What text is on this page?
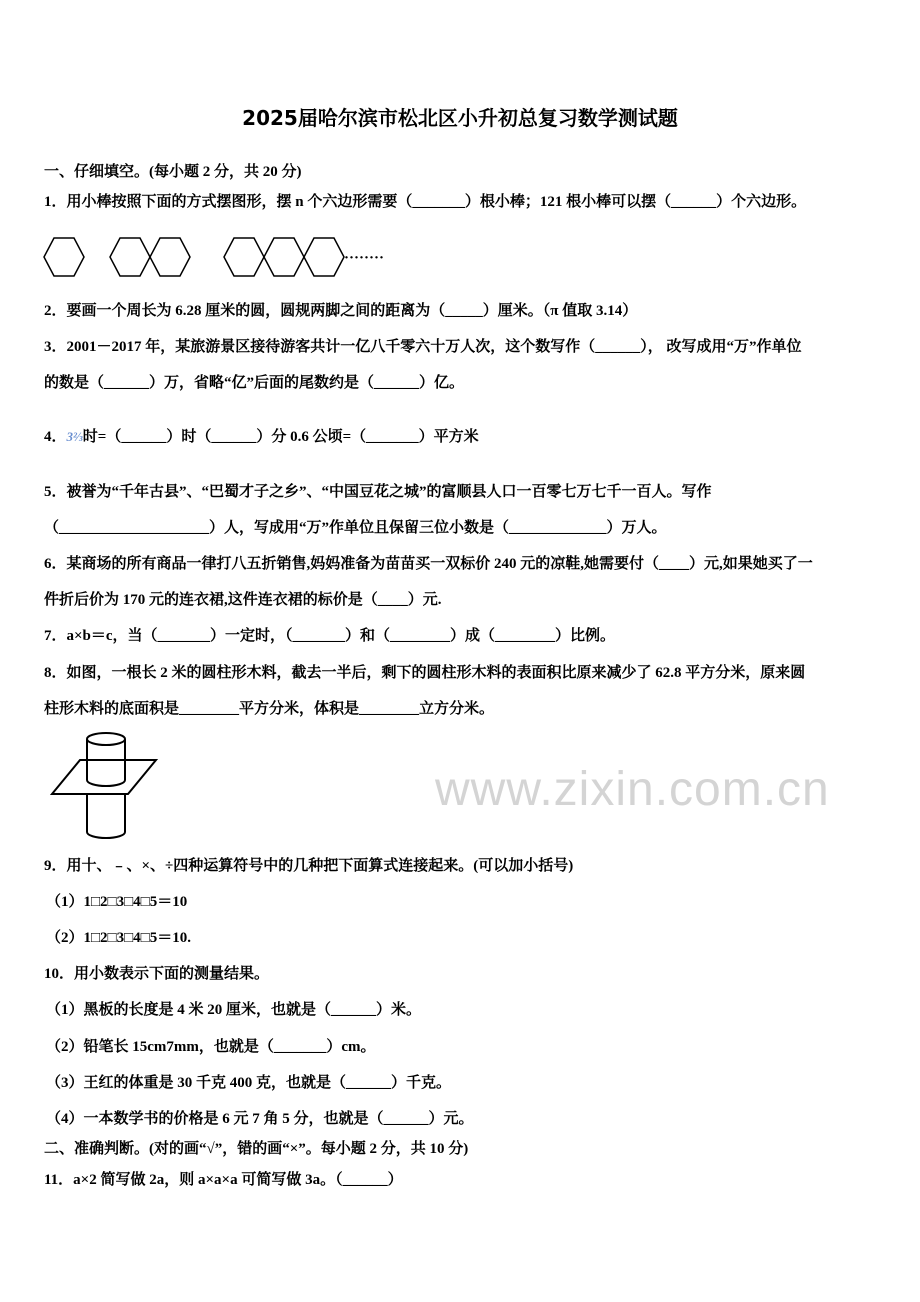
www.zixin.com.cn
2025届哈尔滨市松北区小升初总复习数学测试题
一、仔细填空。(每小题 2 分，共 20 分)
1．用小棒按照下面的方式摆图形，摆 n 个六边形需要（_______）根小棒；121 根小棒可以摆（______）个六边形。
········
2．要画一个周长为 6.28 厘米的圆，圆规两脚之间的距离为（_____）厘米。（π 值取 3.14）
3．2001－2017 年，某旅游景区接待游客共计一亿八千零六十万人次，这个数写作（______）， 改写成用“万”作单位
的数是（______）万，省略“亿”后面的尾数约是（______）亿。
4．3⅔时=（______）时（______）分 0.6 公顷=（_______）平方米
5．被誉为“千年古县”、“巴蜀才子之乡”、“中国豆花之城”的富顺县人口一百零七万七千一百人。写作
（____________________）人，写成用“万”作单位且保留三位小数是（_____________）万人。
6．某商场的所有商品一律打八五折销售,妈妈准备为苗苗买一双标价 240 元的凉鞋,她需要付（____）元,如果她买了一
件折后价为 170 元的连衣裙,这件连衣裙的标价是（____）元.
7．a×b＝c，当（_______）一定时，（_______）和（________）成（________）比例。
8．如图，一根长 2 米的圆柱形木料，截去一半后，剩下的圆柱形木料的表面积比原来减少了 62.8 平方分米，原来圆
柱形木料的底面积是________平方分米，体积是________立方分米。
9．用十、﹣、×、÷四种运算符号中的几种把下面算式连接起来。(可以加小括号)
（1）1□2□3□4□5＝10
（2）1□2□3□4□5＝10.
10．用小数表示下面的测量结果。
（1）黑板的长度是 4 米 20 厘米，也就是（______）米。
（2）铅笔长 15cm7mm，也就是（_______）cm。
（3）王红的体重是 30 千克 400 克，也就是（______）千克。
（4）一本数学书的价格是 6 元 7 角 5 分，也就是（______）元。
二、准确判断。(对的画“√”，错的画“×”。每小题 2 分，共 10 分)
11．a×2 简写做 2a，则 a×a×a 可简写做 3a。（______）
